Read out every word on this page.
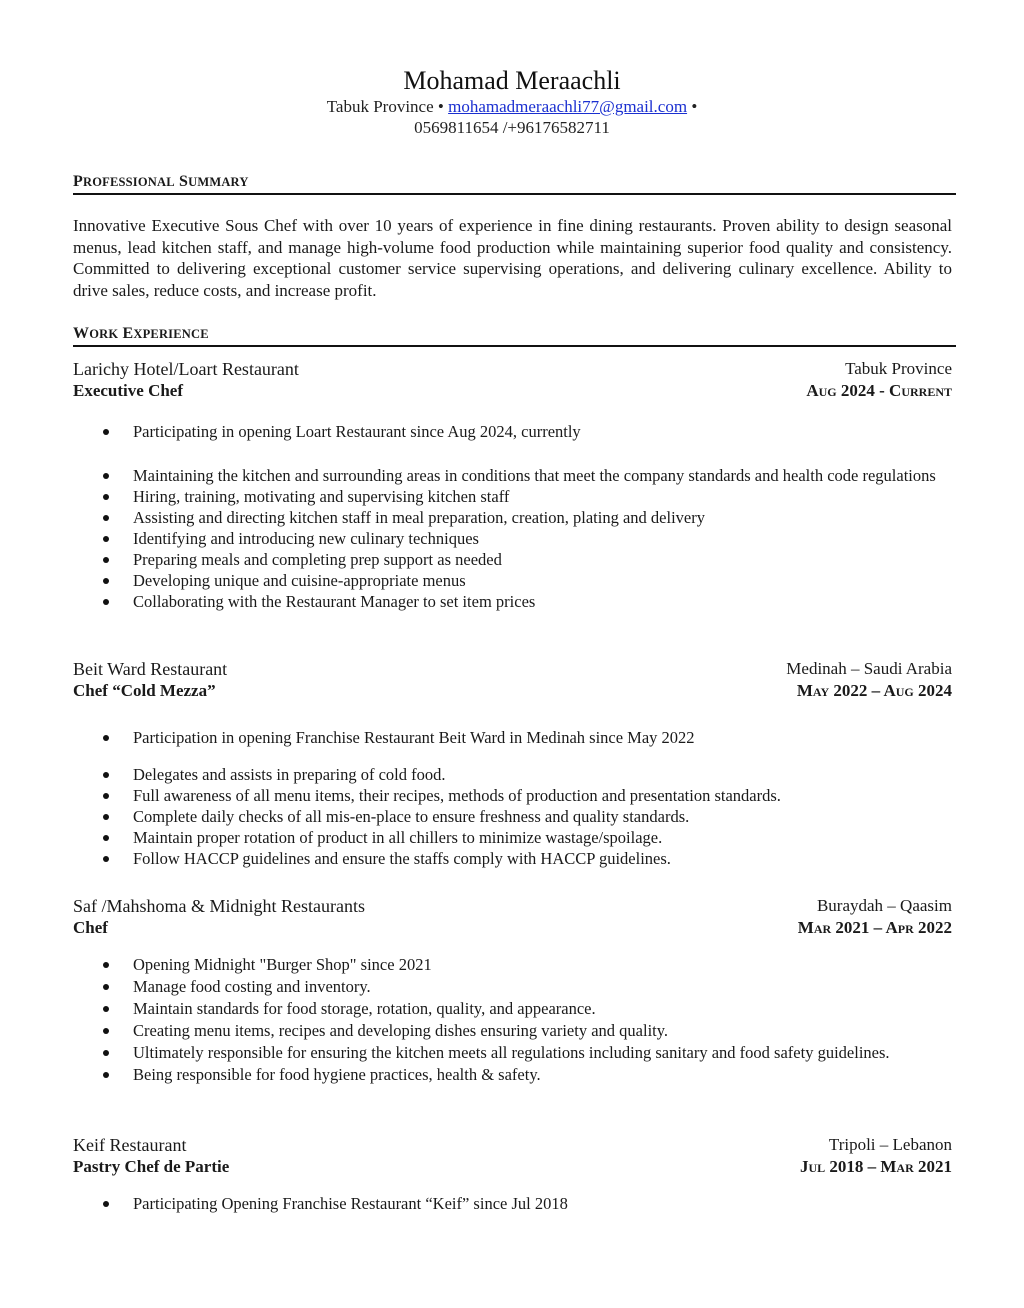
Mohamad Meraachli
Tabuk Province • mohamadmeraachli77@gmail.com •
0569811654 /+96176582711
PROFESSIONAL SUMMARY
Innovative Executive Sous Chef with over 10 years of experience in fine dining restaurants. Proven ability to design seasonal menus, lead kitchen staff, and manage high-volume food production while maintaining superior food quality and consistency. Committed to delivering exceptional customer service supervising operations, and delivering culinary excellence. Ability to drive sales, reduce costs, and increase profit.
WORK EXPERIENCE
Larichy Hotel/Loart Restaurant	Tabuk Province
Executive Chef	Aug 2024 - Current
Participating in opening Loart Restaurant since Aug 2024, currently
Maintaining the kitchen and surrounding areas in conditions that meet the company standards and health code regulations
Hiring, training, motivating and supervising kitchen staff
Assisting and directing kitchen staff in meal preparation, creation, plating and delivery
Identifying and introducing new culinary techniques
Preparing meals and completing prep support as needed
Developing unique and cuisine-appropriate menus
Collaborating with the Restaurant Manager to set item prices
Beit Ward Restaurant	Medinah – Saudi Arabia
Chef “Cold Mezza”	May 2022 – Aug 2024
Participation in opening Franchise Restaurant Beit Ward in Medinah since May 2022
Delegates and assists in preparing of cold food.
Full awareness of all menu items, their recipes, methods of production and presentation standards.
Complete daily checks of all mis-en-place to ensure freshness and quality standards.
Maintain proper rotation of product in all chillers to minimize wastage/spoilage.
Follow HACCP guidelines and ensure the staffs comply with HACCP guidelines.
Saf /Mahshoma & Midnight Restaurants	Buraydah – Qaasim
Chef	Mar 2021 – Apr 2022
Opening Midnight "Burger Shop" since 2021
Manage food costing and inventory.
Maintain standards for food storage, rotation, quality, and appearance.
Creating menu items, recipes and developing dishes ensuring variety and quality.
Ultimately responsible for ensuring the kitchen meets all regulations including sanitary and food safety guidelines.
Being responsible for food hygiene practices, health & safety.
Keif Restaurant	Tripoli – Lebanon
Pastry Chef de Partie	Jul 2018 – Mar 2021
Participating Opening Franchise Restaurant “Keif” since Jul 2018
